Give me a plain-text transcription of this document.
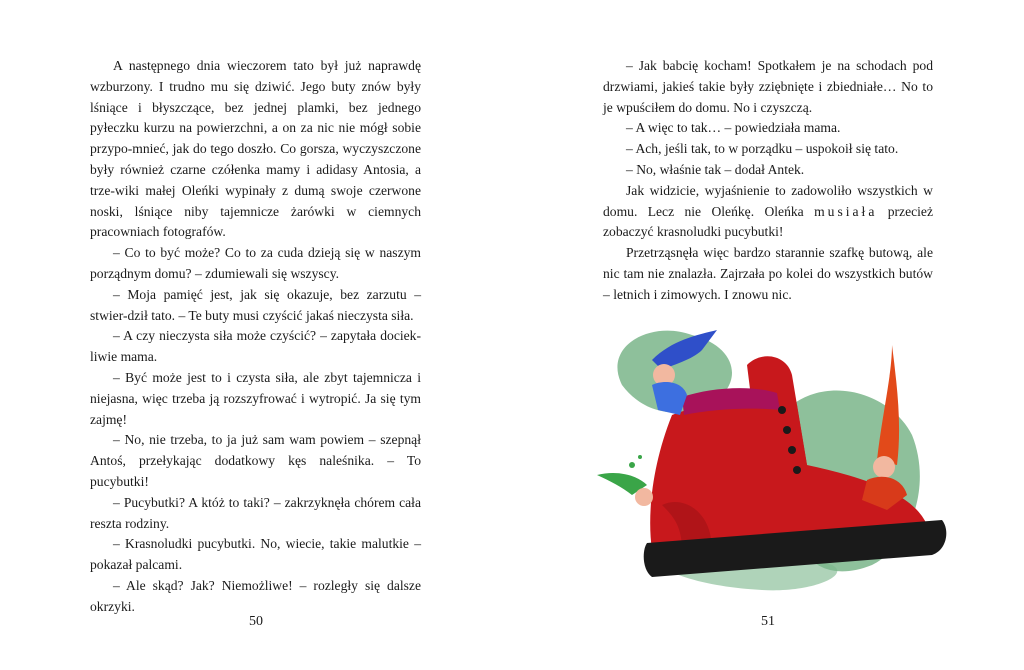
A następnego dnia wieczorem tato był już naprawdę wzburzony. I trudno mu się dziwić. Jego buty znów były lśniące i błyszczące, bez jednej plamki, bez jednego pyłeczku kurzu na powierzchni, a on za nic nie mógł sobie przypo-mnieć, jak do tego doszło. Co gorsza, wyczyszczone były również czarne czółenka mamy i adidasy Antosia, a trze-wiki małej Oleńki wypinały z dumą swoje czerwone noski, lśniące niby tajemnicze żarówki w ciemnych pracowniach fotografów.

– Co to być może? Co to za cuda dzieją się w naszym porządnym domu? – zdumiewali się wszyscy.

– Moja pamięć jest, jak się okazuje, bez zarzutu – stwier-dził tato. – Te buty musi czyścić jakaś nieczysta siła.

– A czy nieczysta siła może czyścić? – zapytała dociek-liwie mama.

– Być może jest to i czysta siła, ale zbyt tajemnicza i niejasna, więc trzeba ją rozszyfrować i wytropić. Ja się tym zajmę!

– No, nie trzeba, to ja już sam wam powiem – szepnął Antoś, przełykając dodatkowy kęs naleśnika. – To pucybutki!

– Pucybutki? A któż to taki? – zakrzyknęła chórem cała reszta rodziny.

– Krasnoludki pucybutki. No, wiecie, takie malutkie – pokazał palcami.

– Ale skąd? Jak? Niemożliwe! – rozległy się dalsze okrzyki.

50

– Jak babcię kocham! Spotkałem je na schodach pod drzwiami, jakieś takie były zziębnięte i zbiedniałe… No to je wpuściłem do domu. No i czyszczą.

– A więc to tak… – powiedziała mama.

– Ach, jeśli tak, to w porządku – uspokoił się tato.

– No, właśnie tak – dodał Antek.

Jak widzicie, wyjaśnienie to zadowoliło wszystkich w domu. Lecz nie Oleńkę. Oleńka musiała przecież zobaczyć krasnoludki pucybutki!

Przetrząsnęła więc bardzo starannie szafkę butową, ale nic tam nie znalazła. Zajrzała po kolei do wszystkich butów – letnich i zimowych. I znowu nic.

51
